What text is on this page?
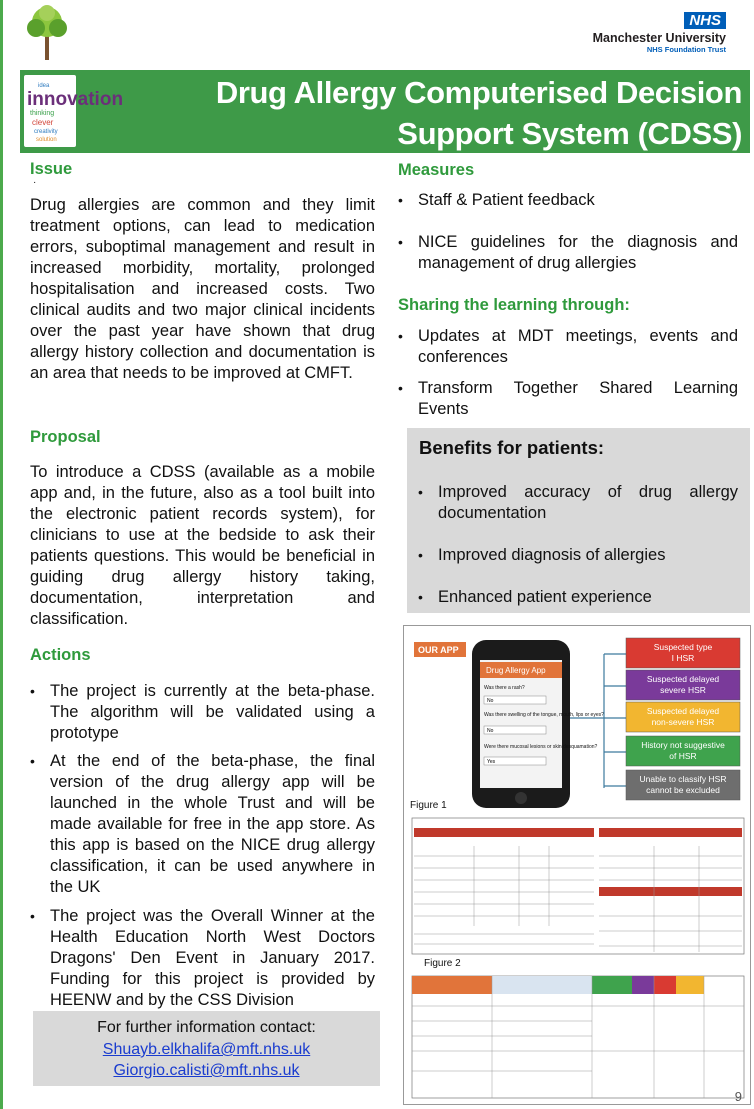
NHS
Manchester University
NHS Foundation Trust
idea
innovation
thinking
clever
creativity
solution
Drug Allergy Computerised Decision
Support System (CDSS)
Issue
·
Drug allergies are common and they limit treatment options, can lead to medication errors, suboptimal management and result in increased morbidity, mortality, prolonged hospitalisation and increased costs. Two clinical audits and two major clinical incidents over the past year have shown that drug allergy history collection and documentation is an area that needs to be improved at CMFT.
Proposal
To introduce a CDSS (available as a mobile app and, in the future, also as a tool built into the electronic patient records system), for clinicians to use at the bedside to ask their patients questions. This would be beneficial in guiding drug allergy history taking, documentation, interpretation and classification.
Actions
• The project is currently at the beta-phase. The algorithm will be validated using a prototype
• At the end of the beta-phase, the final version of the drug allergy app will be launched in the whole Trust and will be made available for free in the app store. As this app is based on the NICE drug allergy classification, it can be used anywhere in the UK
• The project was the Overall Winner at the Health Education North West Doctors Dragons' Den Event in January 2017. Funding for this project is provided by HEENW and by the CSS Division
For further information contact:
Shuayb.elkhalifa@mft.nhs.uk
Giorgio.calisti@mft.nhs.uk
Measures
• Staff & Patient feedback
• NICE guidelines for the diagnosis and management of drug allergies
Sharing the learning through:
• Updates at MDT meetings, events and conferences
• Transform Together Shared Learning Events
Benefits for patients:
• Improved accuracy of drug allergy documentation
• Improved diagnosis of allergies
• Enhanced patient experience
OUR APP
Drug Allergy App
Was there a rash?
No
Was there swelling of the tongue, mouth, lips or eyes?
No
Were there mucosal lesions or skin desquamation?
Yes
Suspected type
I HSR
Suspected delayed
severe HSR
Suspected delayed
non-severe HSR
History not suggestive
of HSR
Unable to classify HSR
cannot be excluded
Figure 1
Figure 2
9
